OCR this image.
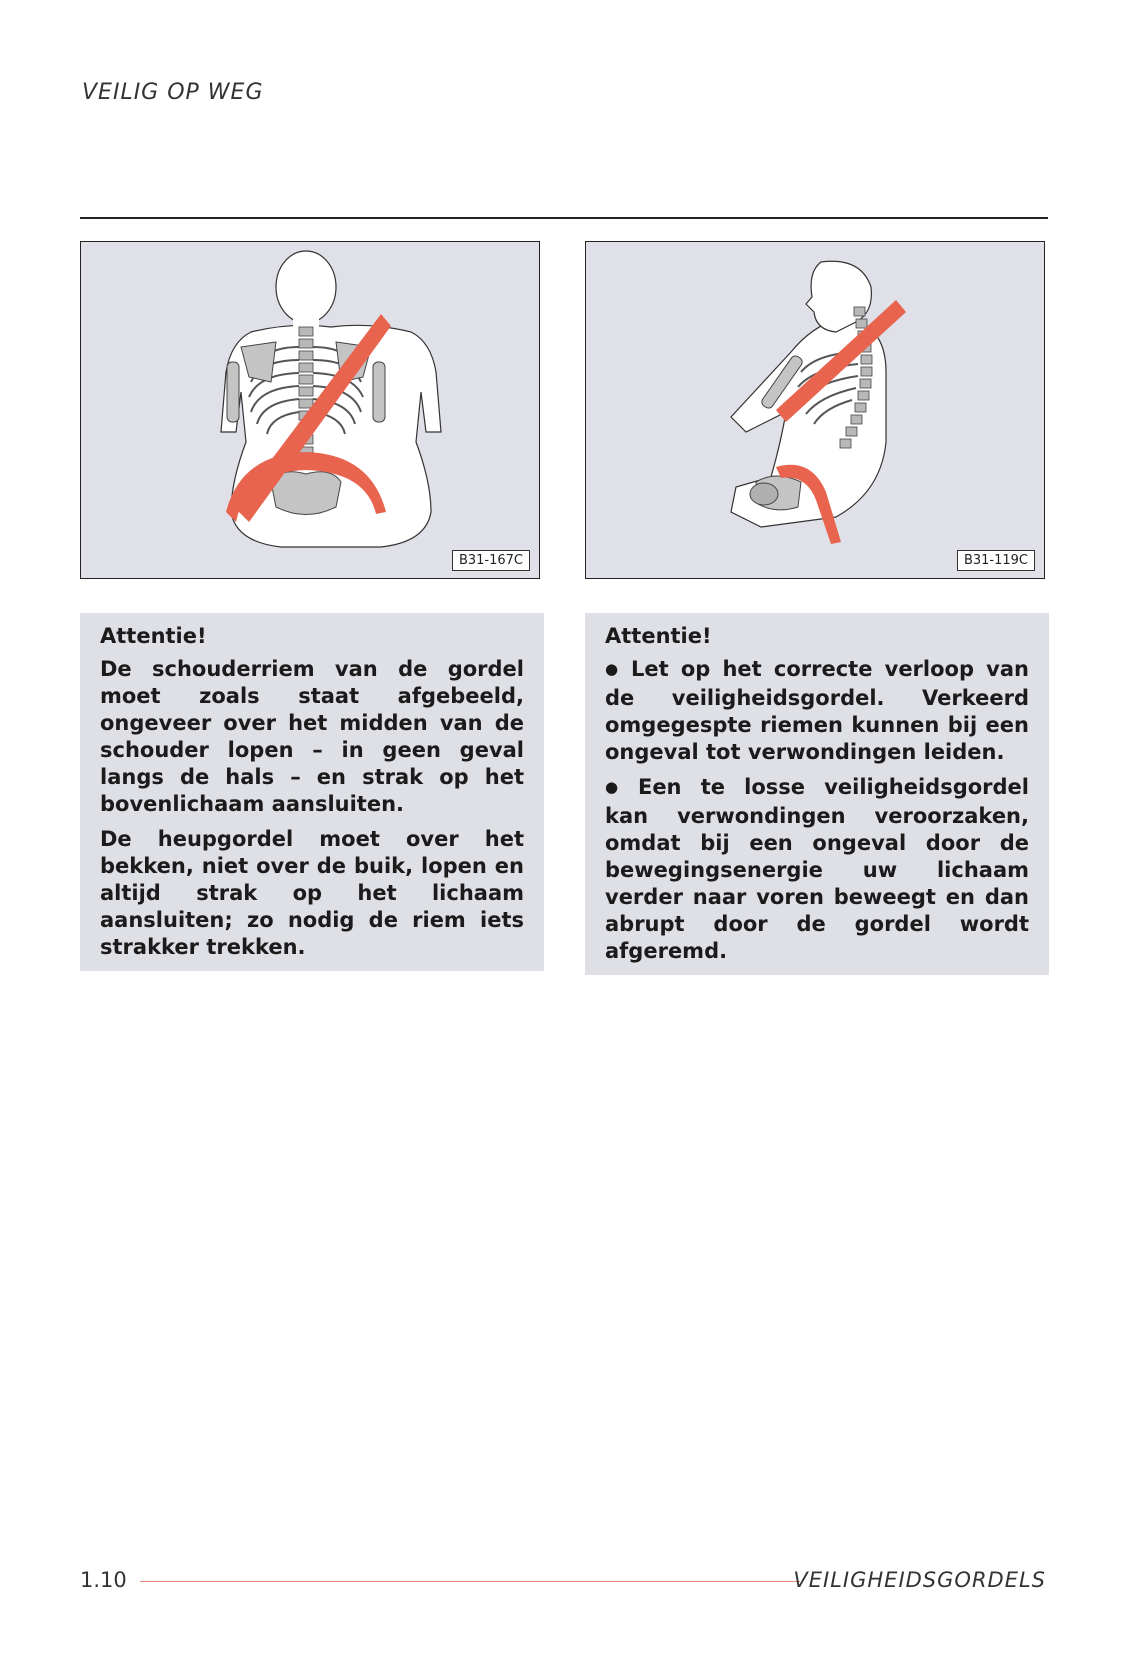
VEILIG OP WEG
B31-167C	B31-119C
Attentie!

De schouderriem van de gordel moet zoals staat afgebeeld, ongeveer over het midden van de schouder lopen – in geen geval langs de hals – en strak op het bovenlichaam aansluiten.

De heupgordel moet over het bekken, niet over de buik, lopen en altijd strak op het lichaam aansluiten; zo nodig de riem iets strakker trekken.

Attentie!

● Let op het correcte verloop van de veiligheidsgordel. Verkeerd omgegespte riemen kunnen bij een ongeval tot verwondingen leiden.

● Een te losse veiligheidsgordel kan verwondingen veroorzaken, omdat bij een ongeval door de bewegingsenergie uw lichaam verder naar voren beweegt en dan abrupt door de gordel wordt afgeremd.

1.10	VEILIGHEIDSGORDELS
